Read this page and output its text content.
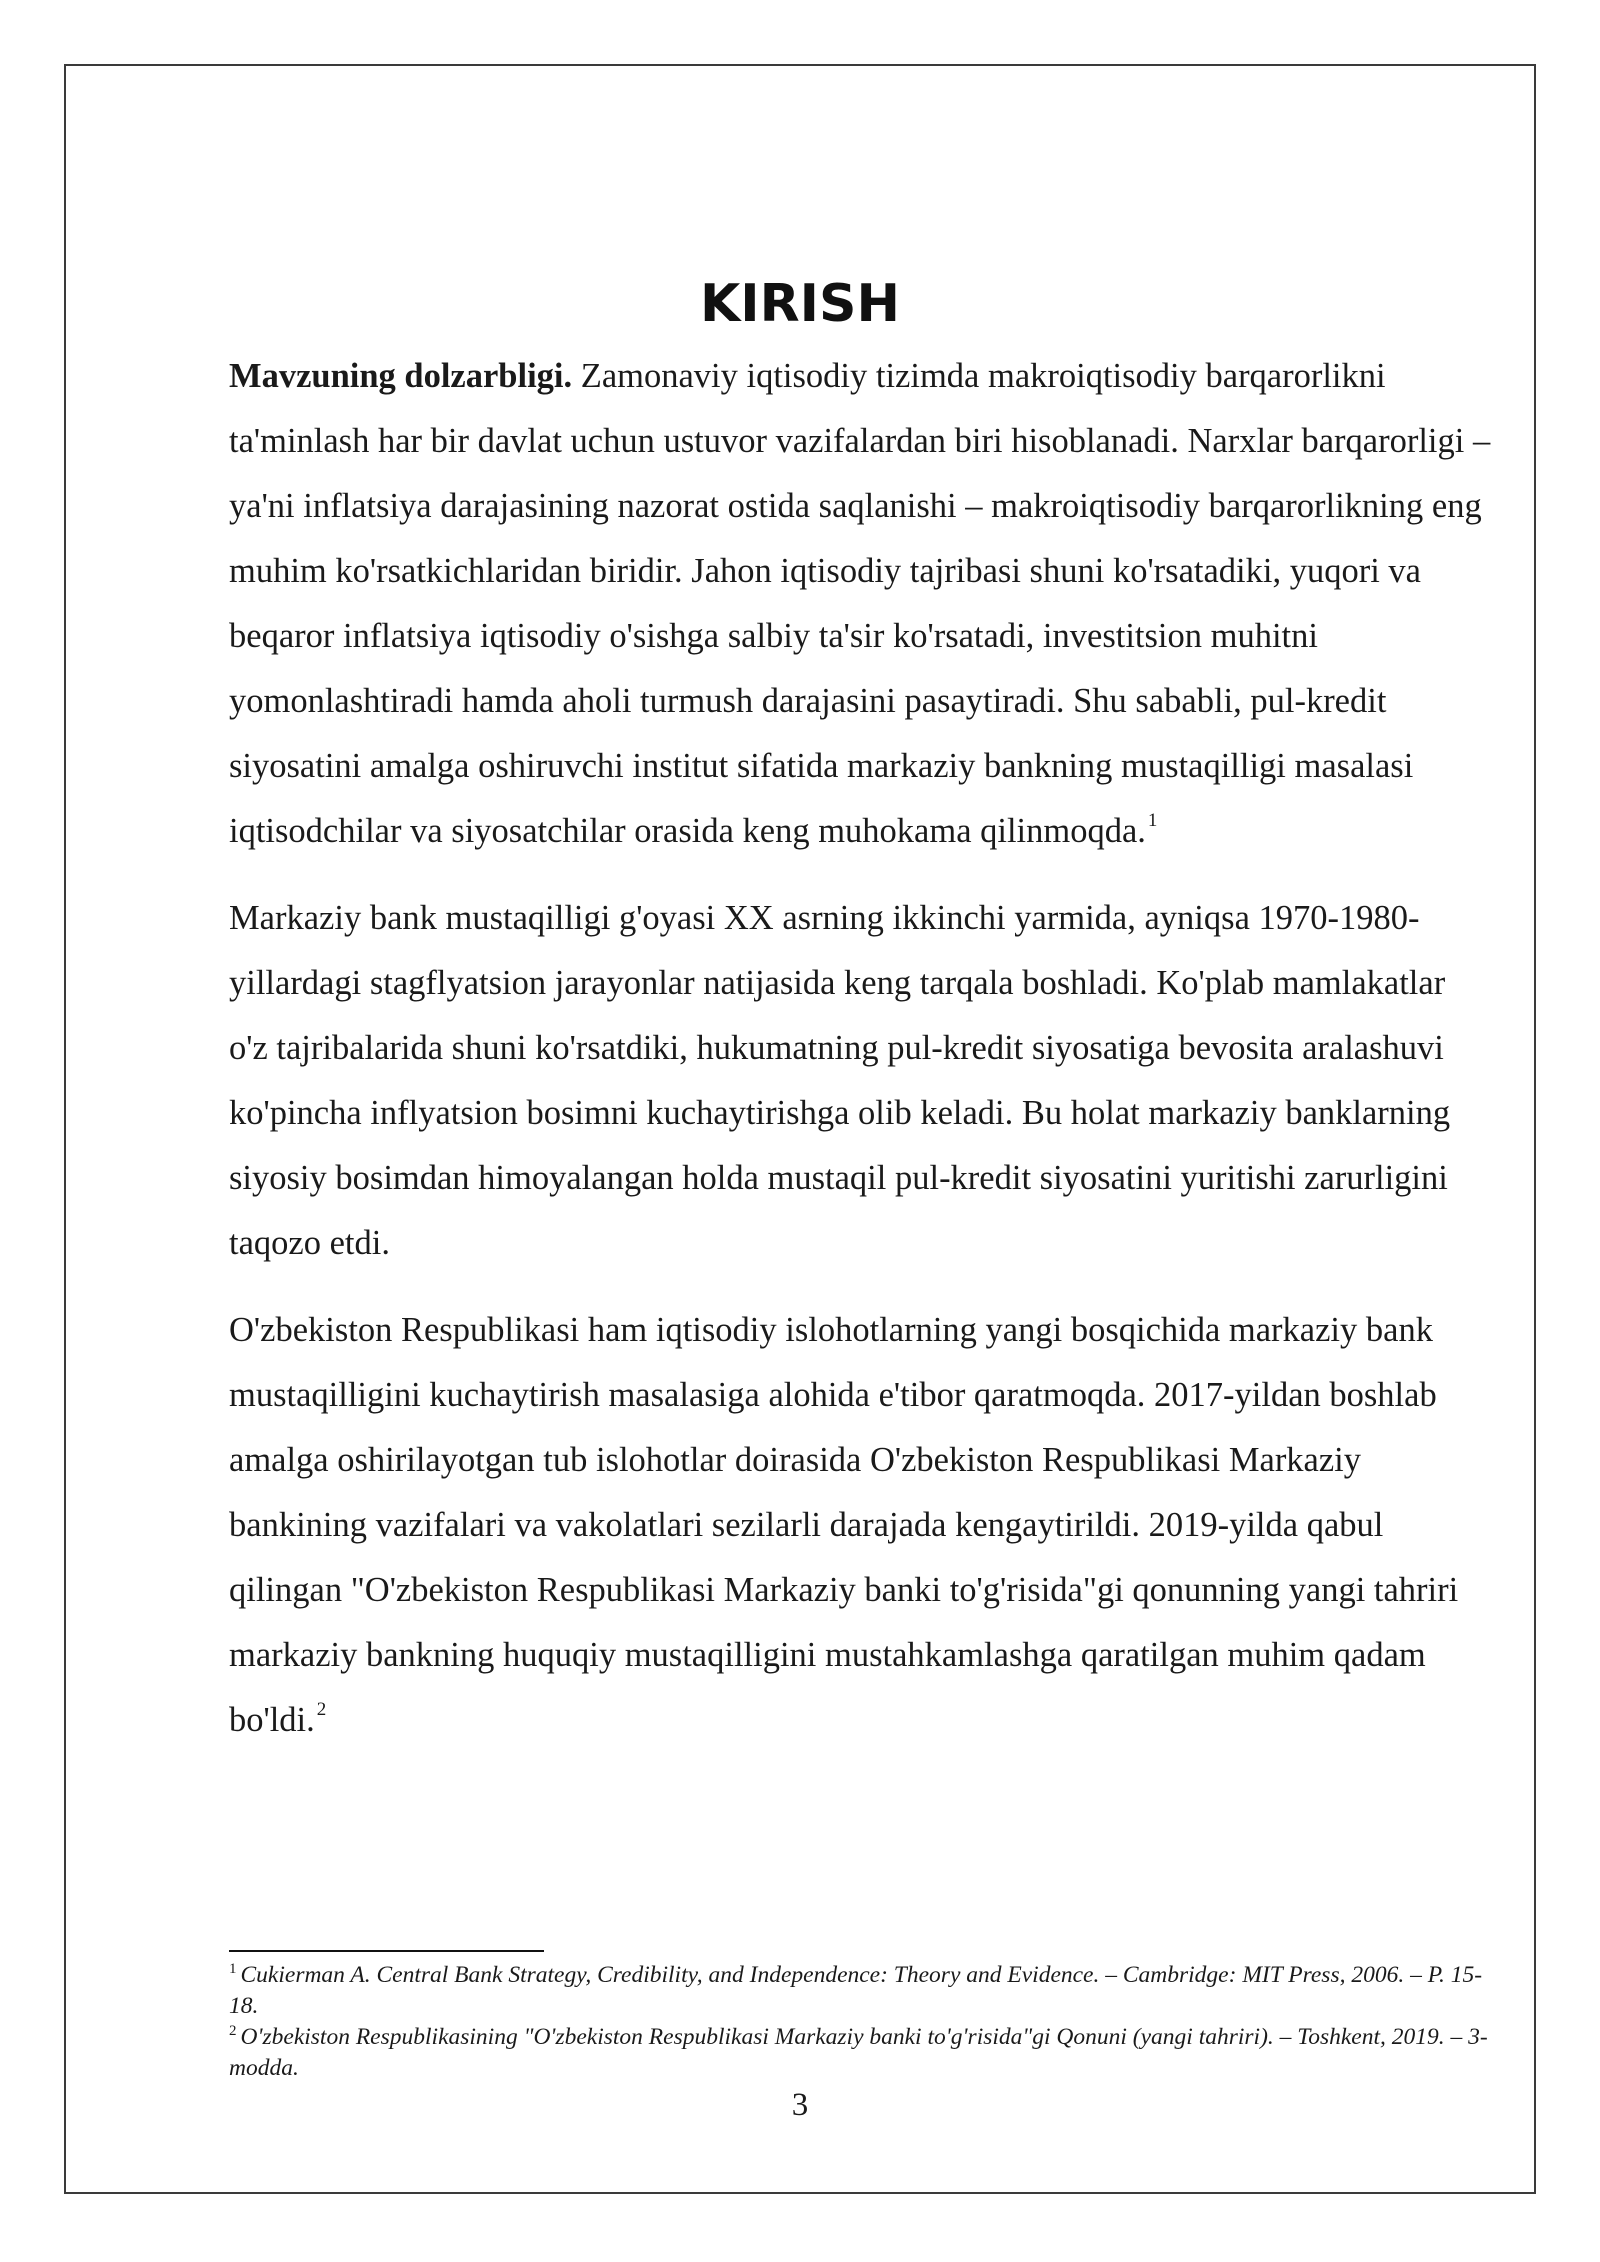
KIRISH

Mavzuning dolzarbligi. Zamonaviy iqtisodiy tizimda makroiqtisodiy barqarorlikni ta'minlash har bir davlat uchun ustuvor vazifalardan biri hisoblanadi. Narxlar barqarorligi – ya'ni inflatsiya darajasining nazorat ostida saqlanishi – makroiqtisodiy barqarorlikning eng muhim ko'rsatkichlaridan biridir. Jahon iqtisodiy tajribasi shuni ko'rsatadiki, yuqori va beqaror inflatsiya iqtisodiy o'sishga salbiy ta'sir ko'rsatadi, investitsion muhitni yomonlashtiradi hamda aholi turmush darajasini pasaytiradi. Shu sababli, pul-kredit siyosatini amalga oshiruvchi institut sifatida markaziy bankning mustaqilligi masalasi iqtisodchilar va siyosatchilar orasida keng muhokama qilinmoqda. $^1$

Markaziy bank mustaqilligi g'oyasi XX asrning ikkinchi yarmida, ayniqsa 1970-1980-yillardagi stagflyatsion jarayonlar natijasida keng tarqala boshladi. Ko'plab mamlakatlar o'z tajribalarida shuni ko'rsatdiki, hukumatning pul-kredit siyosatiga bevosita aralashuvi ko'pincha inflyatsion bosimni kuchaytirishga olib keladi. Bu holat markaziy banklarning siyosiy bosimdan himoyalangan holda mustaqil pul-kredit siyosatini yuritishi zarurligini taqozo etdi.

O'zbekiston Respublikasi ham iqtisodiy islohotlarning yangi bosqichida markaziy bank mustaqilligini kuchaytirish masalasiga alohida e'tibor qaratmoqda. 2017-yildan boshlab amalga oshirilayotgan tub islohotlar doirasida O'zbekiston Respublikasi Markaziy bankining vazifalari va vakolatlari sezilarli darajada kengaytirildi. 2019-yilda qabul qilingan "O'zbekiston Respublikasi Markaziy banki to'g'risida"gi qonunning yangi tahriri markaziy bankning huquqiy mustaqilligini mustahkamlashga qaratilgan muhim qadam bo'ldi. $^2$

$^1$ Cukierman A. Central Bank Strategy, Credibility, and Independence: Theory and Evidence. – Cambridge: MIT Press, 2006. – P. 15-18.

$^2$ O'zbekiston Respublikasining "O'zbekiston Respublikasi Markaziy banki to'g'risida"gi Qonuni (yangi tahriri). – Toshkent, 2019. – 3-modda.

3
